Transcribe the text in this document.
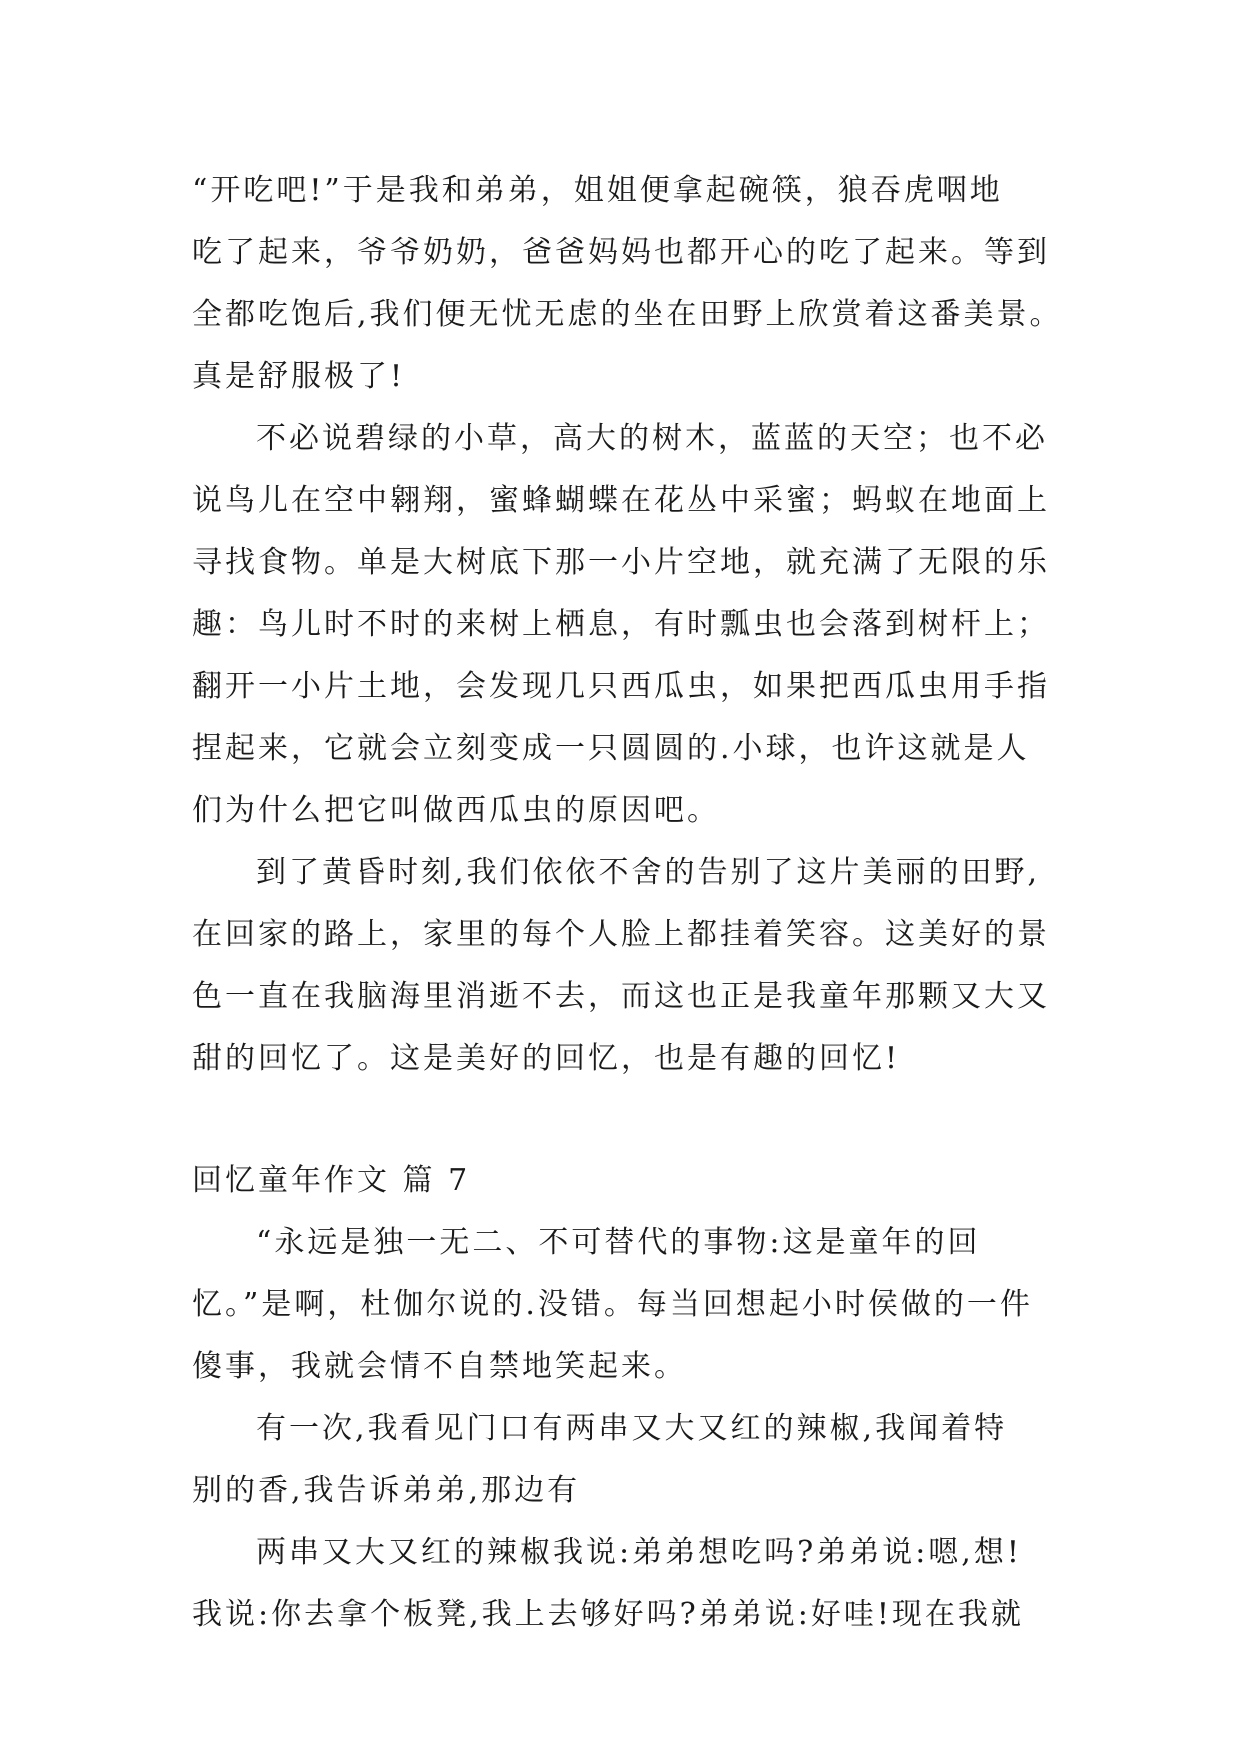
“开吃吧!”于是我和弟弟，姐姐便拿起碗筷，狼吞虎咽地
吃了起来，爷爷奶奶，爸爸妈妈也都开心的吃了起来。等到
全都吃饱后,我们便无忧无虑的坐在田野上欣赏着这番美景。
真是舒服极了!
不必说碧绿的小草，高大的树木，蓝蓝的天空；也不必
说鸟儿在空中翱翔，蜜蜂蝴蝶在花丛中采蜜；蚂蚁在地面上
寻找食物。单是大树底下那一小片空地，就充满了无限的乐
趣：鸟儿时不时的来树上栖息，有时瓢虫也会落到树杆上；
翻开一小片土地，会发现几只西瓜虫，如果把西瓜虫用手指
捏起来，它就会立刻变成一只圆圆的.小球，也许这就是人
们为什么把它叫做西瓜虫的原因吧。
到了黄昏时刻,我们依依不舍的告别了这片美丽的田野,
在回家的路上，家里的每个人脸上都挂着笑容。这美好的景
色一直在我脑海里消逝不去，而这也正是我童年那颗又大又
甜的回忆了。这是美好的回忆，也是有趣的回忆!
回忆童年作文 篇 7
“永远是独一无二、不可替代的事物:这是童年的回
忆。”是啊，杜伽尔说的.没错。每当回想起小时侯做的一件
傻事，我就会情不自禁地笑起来。
有一次,我看见门口有两串又大又红的辣椒,我闻着特
别的香,我告诉弟弟,那边有
两串又大又红的辣椒我说:弟弟想吃吗?弟弟说:嗯,想!
我说:你去拿个板凳,我上去够好吗?弟弟说:好哇!现在我就
